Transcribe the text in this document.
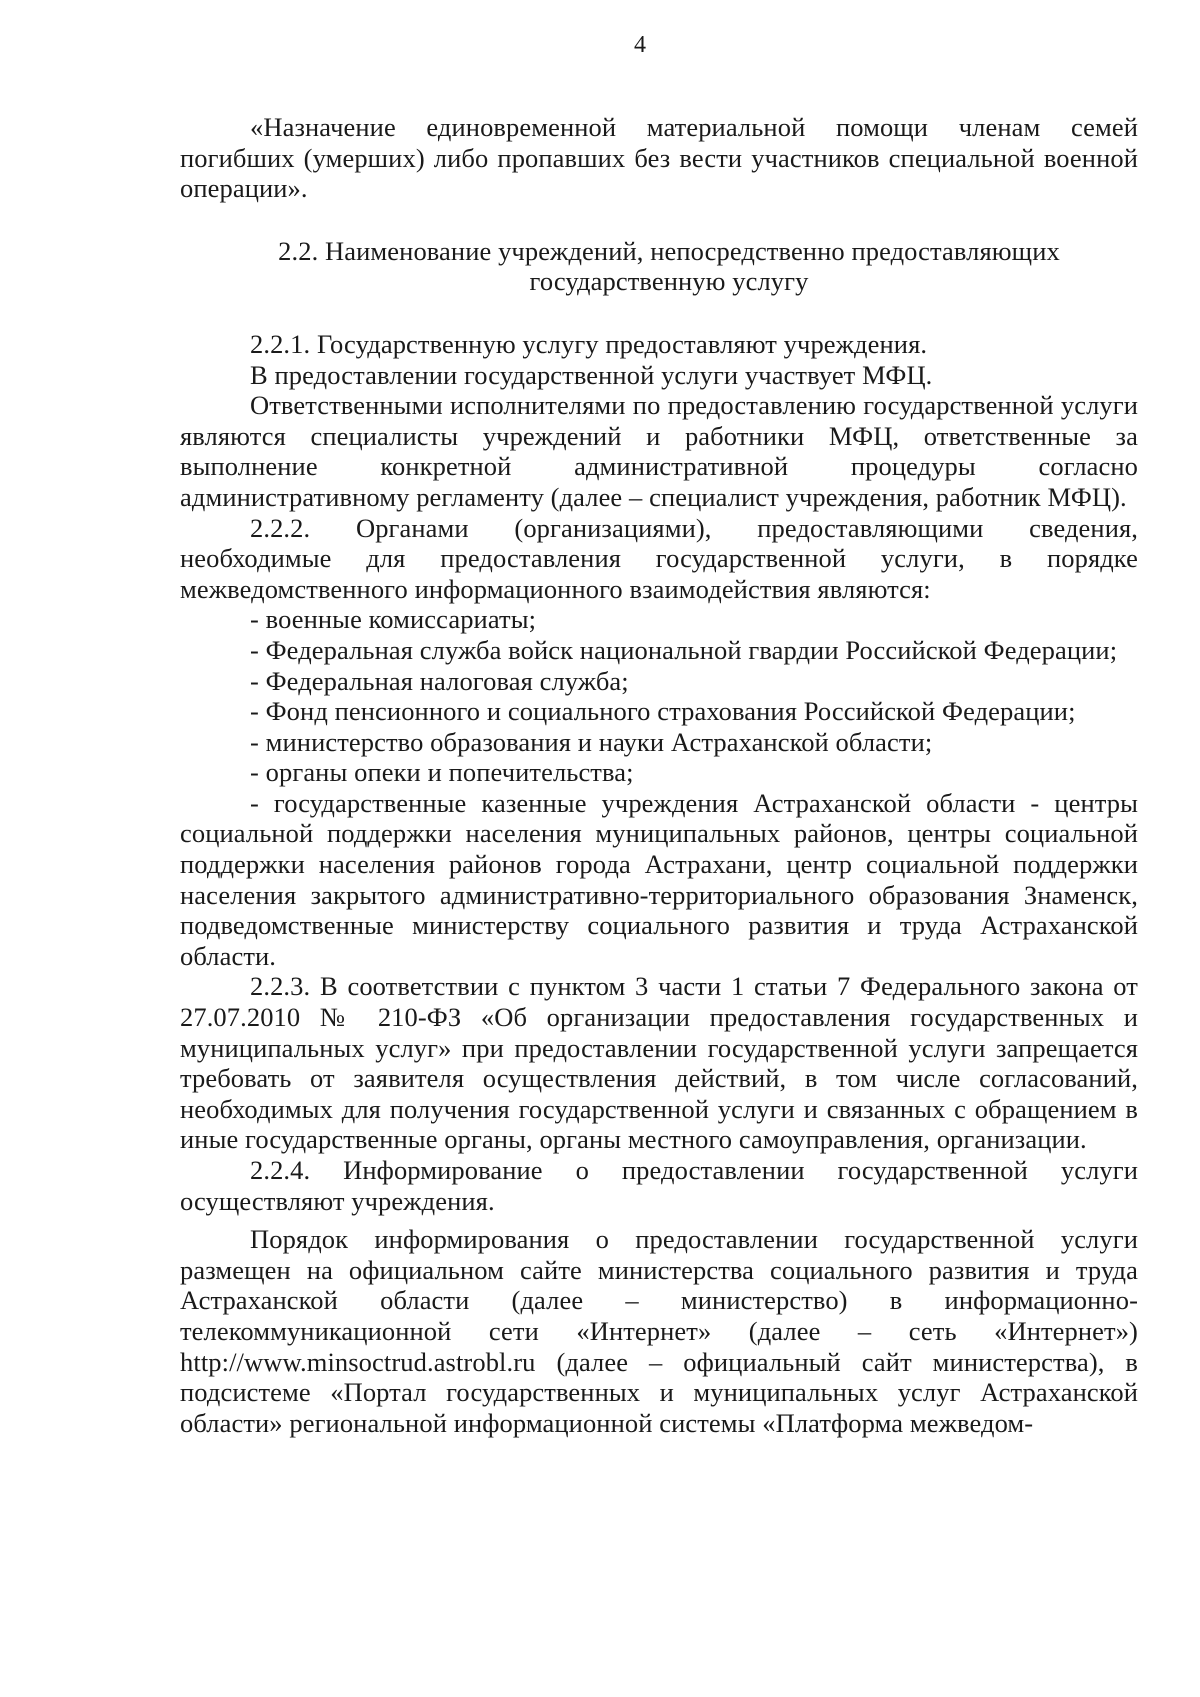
4

«Назначение единовременной материальной помощи членам семей погибших (умерших) либо пропавших без вести участников специальной военной операции».

2.2. Наименование учреждений, непосредственно предоставляющих

государственную услугу

2.2.1. Государственную услугу предоставляют учреждения.

В предоставлении государственной услуги участвует МФЦ.

Ответственными исполнителями по предоставлению государственной услуги являются специалисты учреждений и работники МФЦ, ответственные за выполнение конкретной административной процедуры согласно административному регламенту (далее – специалист учреждения, работник МФЦ).

2.2.2. Органами (организациями), предоставляющими сведения, необходимые для предоставления государственной услуги, в порядке межведомственного информационного взаимодействия являются:

- военные комиссариаты;

- Федеральная служба войск национальной гвардии Российской Федерации;

- Федеральная налоговая служба;

- Фонд пенсионного и социального страхования Российской Федерации;

- министерство образования и науки Астраханской области;

- органы опеки и попечительства;

- государственные казенные учреждения Астраханской области - центры социальной поддержки населения муниципальных районов, центры социальной поддержки населения районов города Астрахани, центр социальной поддержки населения закрытого административно-территориального образования Знаменск, подведомственные министерству социального развития и труда Астраханской области.

2.2.3. В соответствии с пунктом 3 части 1 статьи 7 Федерального закона от 27.07.2010 № 210-ФЗ «Об организации предоставления государственных и муниципальных услуг» при предоставлении государственной услуги запрещается требовать от заявителя осуществления действий, в том числе согласований, необходимых для получения государственной услуги и связанных с обращением в иные государственные органы, органы местного самоуправления, организации.

2.2.4. Информирование о предоставлении государственной услуги осуществляют учреждения.

Порядок информирования о предоставлении государственной услуги размещен на официальном сайте министерства социального развития и труда Астраханской области (далее – министерство) в информационно-телекоммуникационной сети «Интернет» (далее – сеть «Интернет») http://www.minsoctrud.astrobl.ru (далее – официальный сайт министерства), в подсистеме «Портал государственных и муниципальных услуг Астраханской области» региональной информационной системы «Платформа межведом-
